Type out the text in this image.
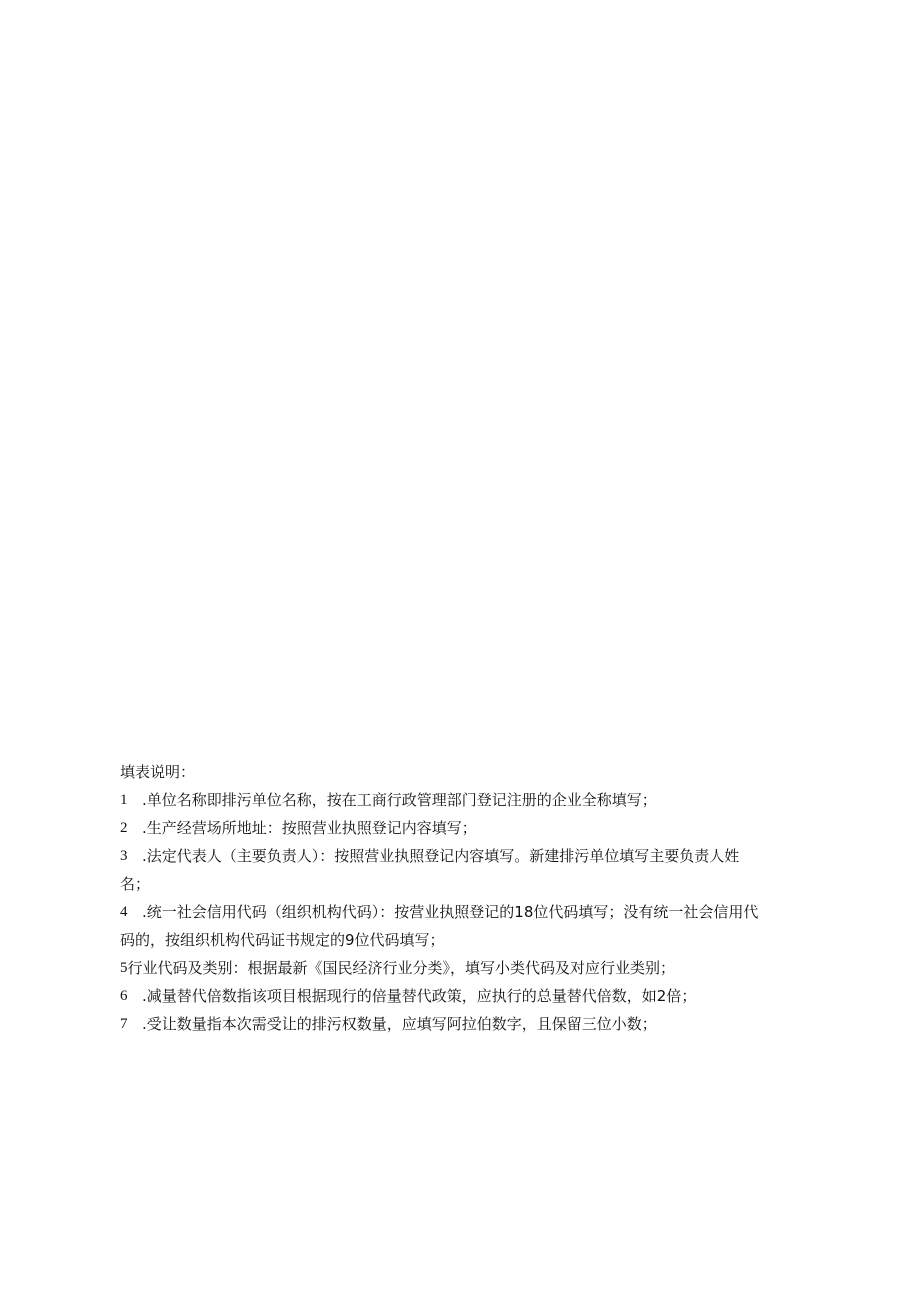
填表说明：
1 .单位名称即排污单位名称，按在工商行政管理部门登记注册的企业全称填写；
2 .生产经营场所地址：按照营业执照登记内容填写；
3 .法定代表人（主要负责人）：按照营业执照登记内容填写。新建排污单位填写主要负责人姓
名；
4 .统一社会信用代码（组织机构代码）：按营业执照登记的18位代码填写；没有统一社会信用代
码的，按组织机构代码证书规定的9位代码填写；
5 行业代码及类别：根据最新《国民经济行业分类》，填写小类代码及对应行业类别；
6 .减量替代倍数指该项目根据现行的倍量替代政策，应执行的总量替代倍数，如2倍；
7 .受让数量指本次需受让的排污权数量，应填写阿拉伯数字，且保留三位小数；
